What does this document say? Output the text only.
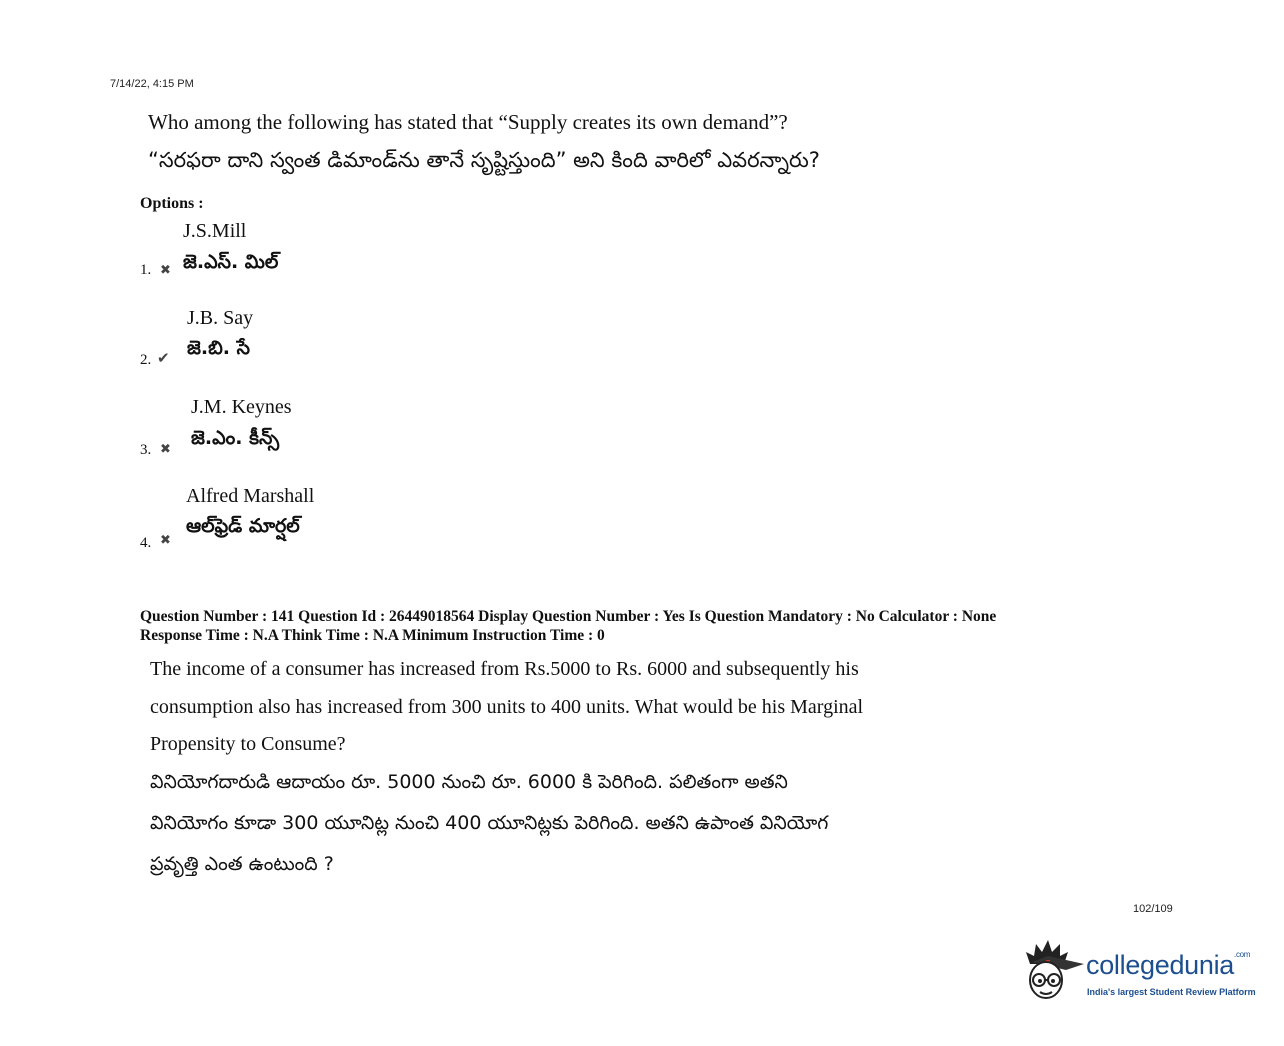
7/14/22, 4:15 PM
Who among the following has stated that “Supply creates its own demand”?
“సరఫరా దాని స్వంత డిమాండ్‌ను తానే సృష్టిస్తుంది” అని కింది వారిలో ఎవరన్నారు?
Options :
J.S.Mill
జె.ఎస్. మిల్
1. ✖
J.B. Say
జె.బి. సే
2. ✔
J.M. Keynes
జె.ఎం. కీన్స్
3. ✖
Alfred Marshall
ఆల్‌ఫ్రెడ్ మార్షల్
4. ✖
Question Number : 141 Question Id : 26449018564 Display Question Number : Yes Is Question Mandatory : No Calculator : None
Response Time : N.A Think Time : N.A Minimum Instruction Time : 0
The income of a consumer has increased from Rs.5000 to Rs. 6000 and subsequently his
consumption also has increased from 300 units to 400 units. What would be his Marginal
Propensity to Consume?
వినియోగదారుడి ఆదాయం రూ. 5000 నుంచి రూ. 6000 కి పెరిగింది. పలితంగా అతని
వినియోగం కూడా 300 యూనిట్ల నుంచి 400 యూనిట్లకు పెరిగింది. అతని ఉపాంత వినియోగ
ప్రవృత్తి ఎంత ఉంటుంది ?
102/109
collegedunia$^{.com}$
India's largest Student Review Platform
